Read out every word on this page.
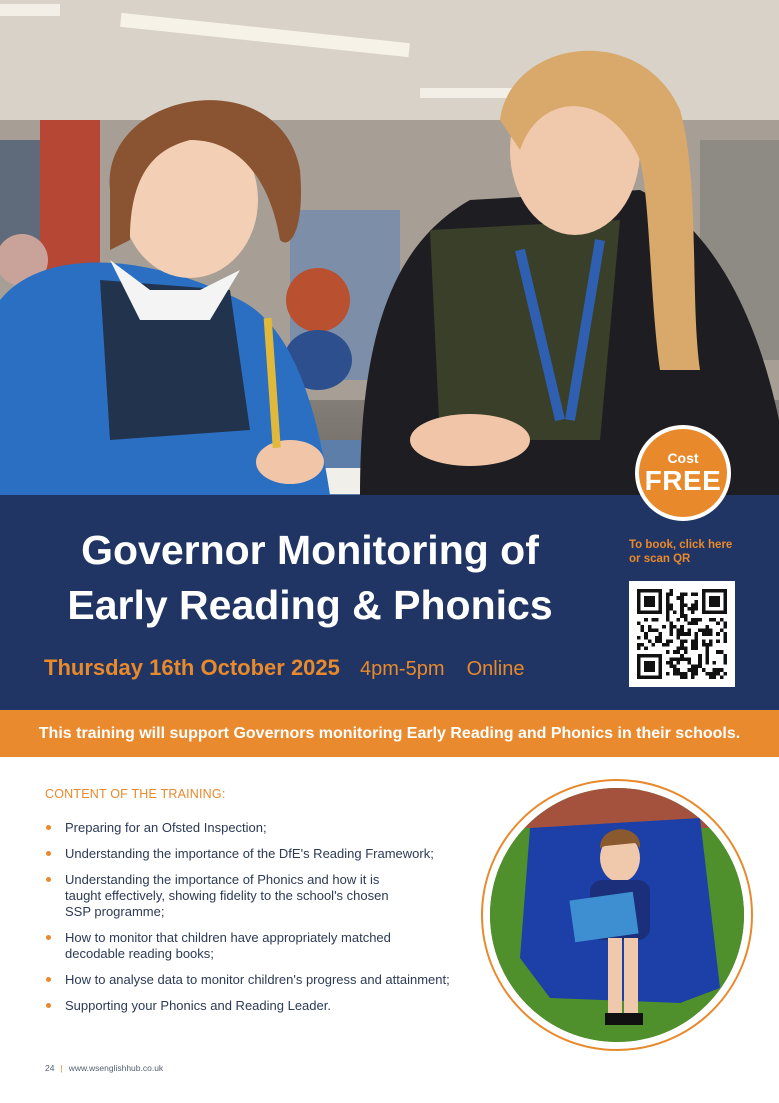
Cost
FREE
Governor Monitoring of
Early Reading & Phonics
Thursday 16th October 2025 4pm-5pm Online
To book, click here
or scan QR
This training will support Governors monitoring Early Reading and Phonics in their schools.
CONTENT OF THE TRAINING:
Preparing for an Ofsted Inspection;
Understanding the importance of the DfE's Reading Framework;
Understanding the importance of Phonics and how it is
taught effectively, showing fidelity to the school's chosen
SSP programme;
How to monitor that children have appropriately matched
decodable reading books;
How to analyse data to monitor children's progress and attainment;
Supporting your Phonics and Reading Leader.
24 | www.wsenglishhub.co.uk
